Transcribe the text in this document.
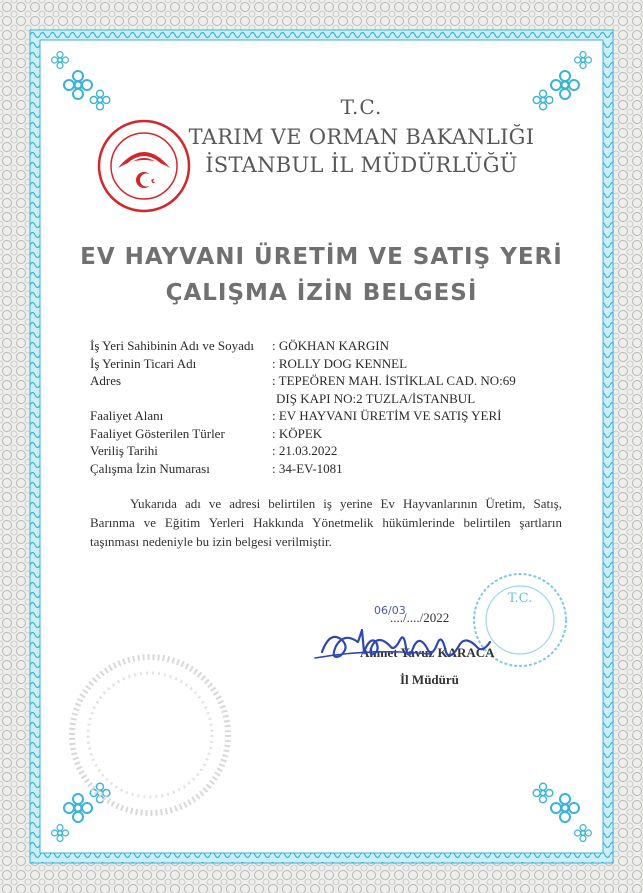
T.C.
TARIM VE ORMAN BAKANLIĞI
İSTANBUL İL MÜDÜRLÜĞÜ
EV HAYVANI ÜRETİM VE SATIŞ YERİ
ÇALIŞMA İZİN BELGESİ
İş Yeri Sahibinin Adı ve Soyadı	: GÖKHAN KARGIN
İş Yerinin Ticari Adı	: ROLLY DOG KENNEL
Adres	: TEPEÖREN MAH. İSTİKLAL CAD. NO:69
DIŞ KAPI NO:2 TUZLA/İSTANBUL
Faaliyet Alanı	: EV HAYVANI ÜRETİM VE SATIŞ YERİ
Faaliyet Gösterilen Türler	: KÖPEK
Veriliş Tarihi	: 21.03.2022
Çalışma İzin Numarası	: 34-EV-1081
Yukarıda adı ve adresi belirtilen iş yerine Ev Hayvanlarının Üretim, Satış, Barınma ve Eğitim Yerleri Hakkında Yönetmelik hükümlerinde belirtilen şartların taşınması nedeniyle bu izin belgesi verilmiştir.
T.C.
06/03
..../..../2022
Ahmet Yavuz KARACA
İl Müdürü
